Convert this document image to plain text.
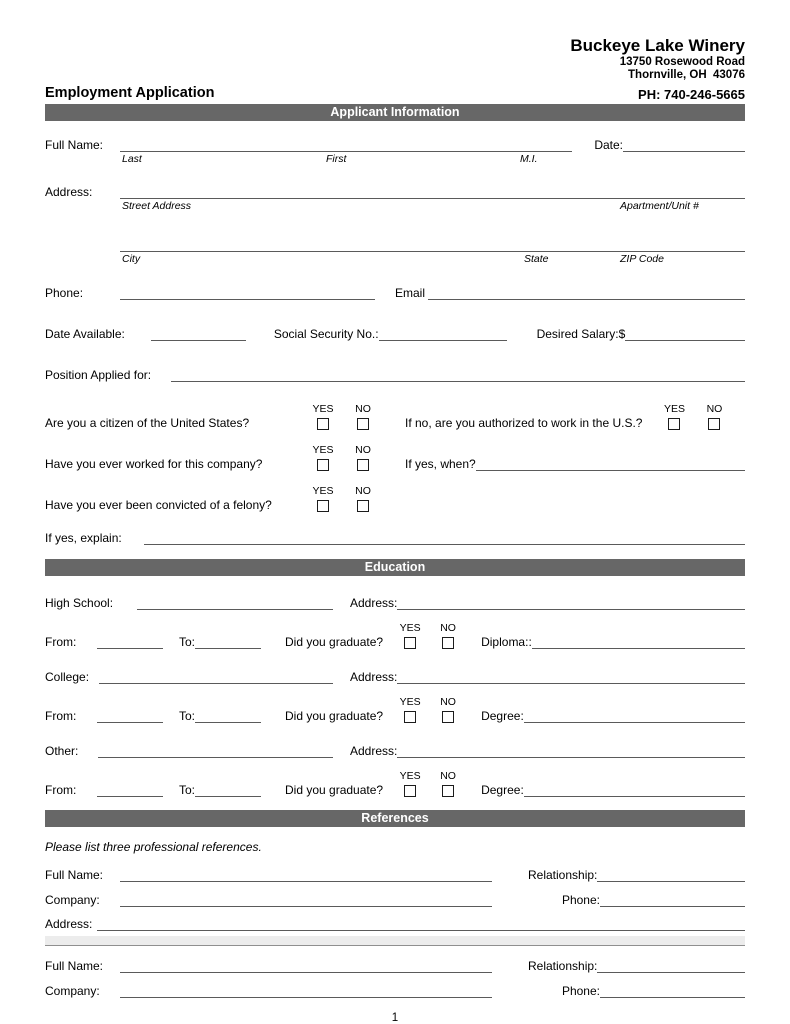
Buckeye Lake Winery
13750 Rosewood Road
Thornville, OH  43076
Employment Application	PH: 740-246-5665
Applicant Information
Full Name:	Date:
Last	First	M.I.
Address:
Street Address	Apartment/Unit #
City	State	ZIP Code
Phone:	Email
Date Available:	Social Security No.:	Desired Salary:$
Position Applied for:
Are you a citizen of the United States?
YES NO
If no, are you authorized to work in the U.S.?
YES NO
Have you ever worked for this company?
YES NO
If yes, when?
Have you ever been convicted of a felony?
YES NO
If yes, explain:
Education
High School:	Address:
From:	To:	Did you graduate?
YES NO
Diploma::
College:	Address:
From:	To:	Did you graduate?
YES NO
Degree:
Other:	Address:
From:	To:	Did you graduate?
YES NO
Degree:
References
Please list three professional references.
Full Name:	Relationship:
Company:	Phone:
Address:
Full Name:	Relationship:
Company:	Phone:
1
